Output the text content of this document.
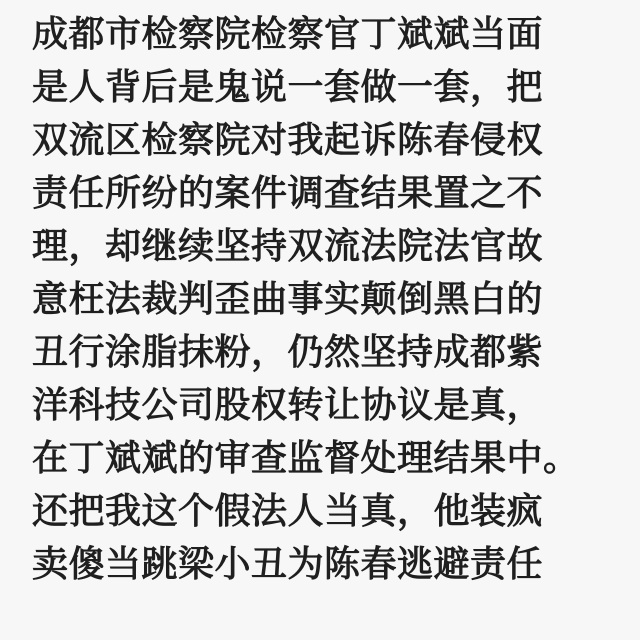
成都市检察院检察官丁斌斌当面
是人背后是鬼说一套做一套，把
双流区检察院对我起诉陈春侵权
责任所纷的案件调查结果置之不
理，却继续坚持双流法院法官故
意枉法裁判歪曲事实颠倒黑白的
丑行涂脂抹粉，仍然坚持成都紫
洋科技公司股权转让协议是真，
在丁斌斌的审查监督处理结果中。
还把我这个假法人当真，他装疯
卖傻当跳梁小丑为陈春逃避责任
